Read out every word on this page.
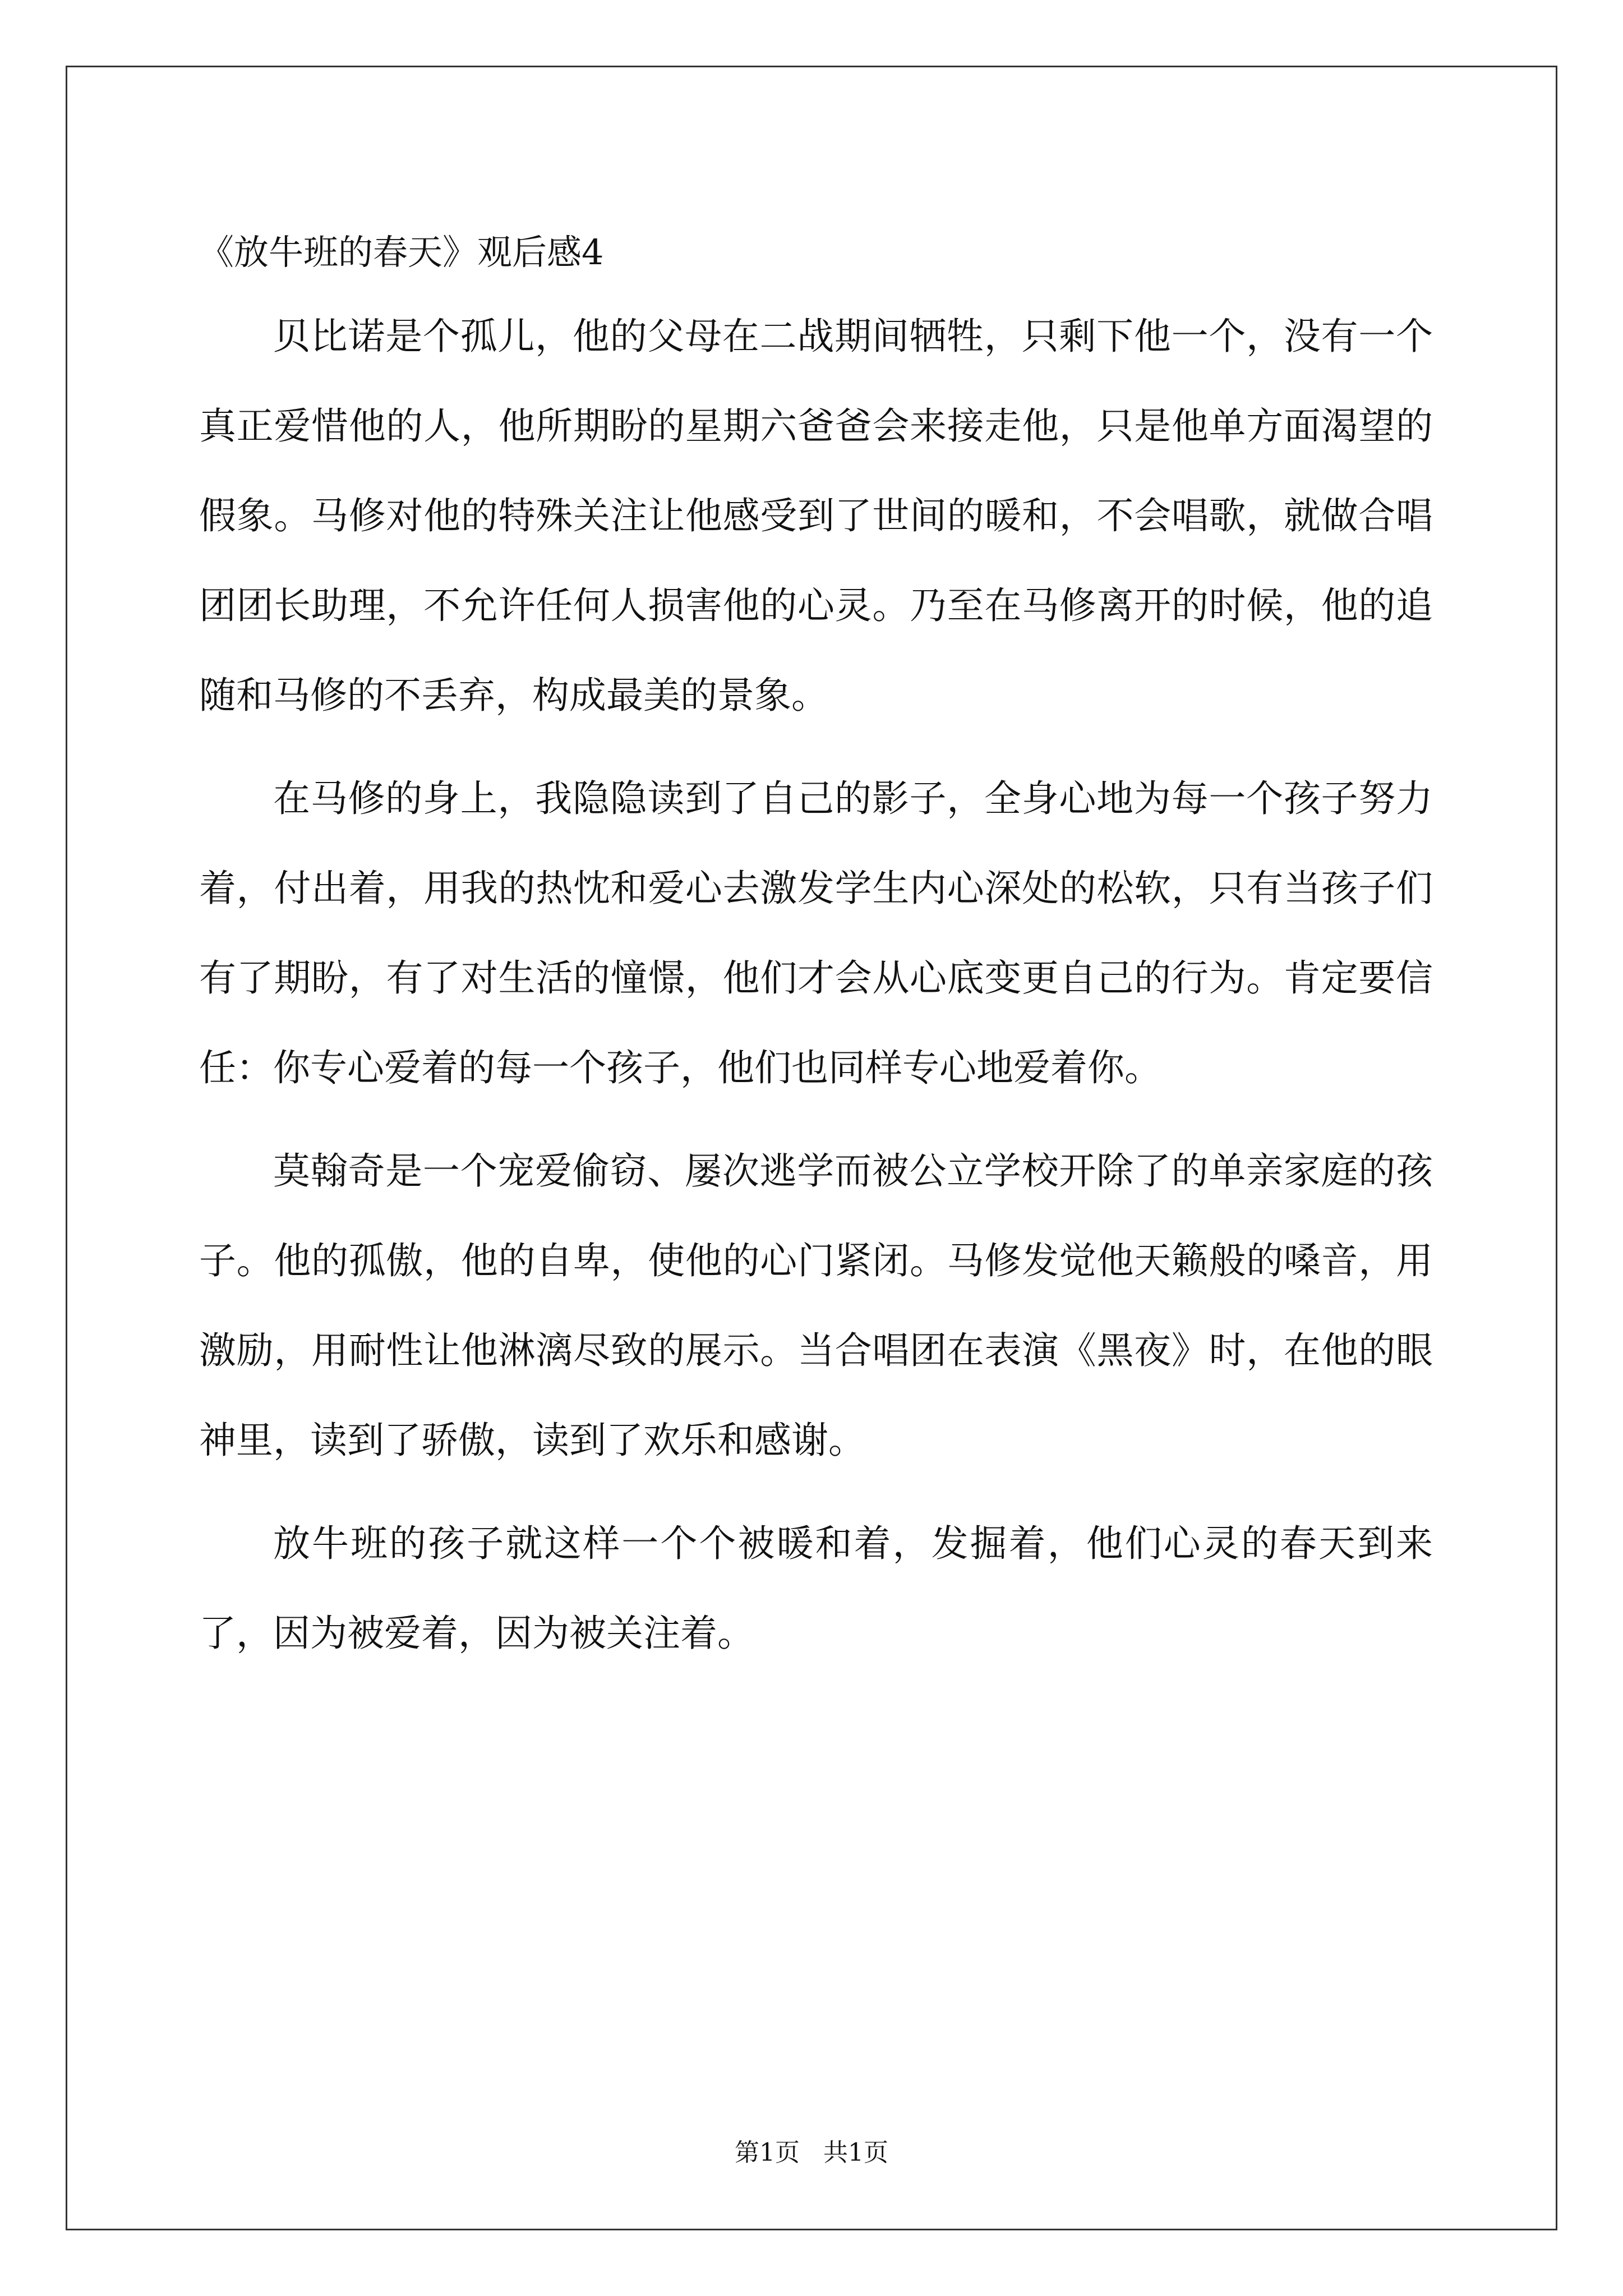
《放牛班的春天》观后感4

贝比诺是个孤儿，他的父母在二战期间牺牲，只剩下他一个，没有一个真正爱惜他的人，他所期盼的星期六爸爸会来接走他，只是他单方面渴望的假象。马修对他的特殊关注让他感受到了世间的暖和，不会唱歌，就做合唱团团长助理，不允许任何人损害他的心灵。乃至在马修离开的时候，他的追随和马修的不丢弃，构成最美的景象。

在马修的身上，我隐隐读到了自己的影子，全身心地为每一个孩子努力着，付出着，用我的热忱和爱心去激发学生内心深处的松软，只有当孩子们有了期盼，有了对生活的憧憬，他们才会从心底变更自己的行为。肯定要信任：你专心爱着的每一个孩子，他们也同样专心地爱着你。

莫翰奇是一个宠爱偷窃、屡次逃学而被公立学校开除了的单亲家庭的孩子。他的孤傲，他的自卑，使他的心门紧闭。马修发觉他天籁般的嗓音，用激励，用耐性让他淋漓尽致的展示。当合唱团在表演《黑夜》时，在他的眼神里，读到了骄傲，读到了欢乐和感谢。

放牛班的孩子就这样一个个被暖和着，发掘着，他们心灵的春天到来了，因为被爱着，因为被关注着。

第1页   共1页
